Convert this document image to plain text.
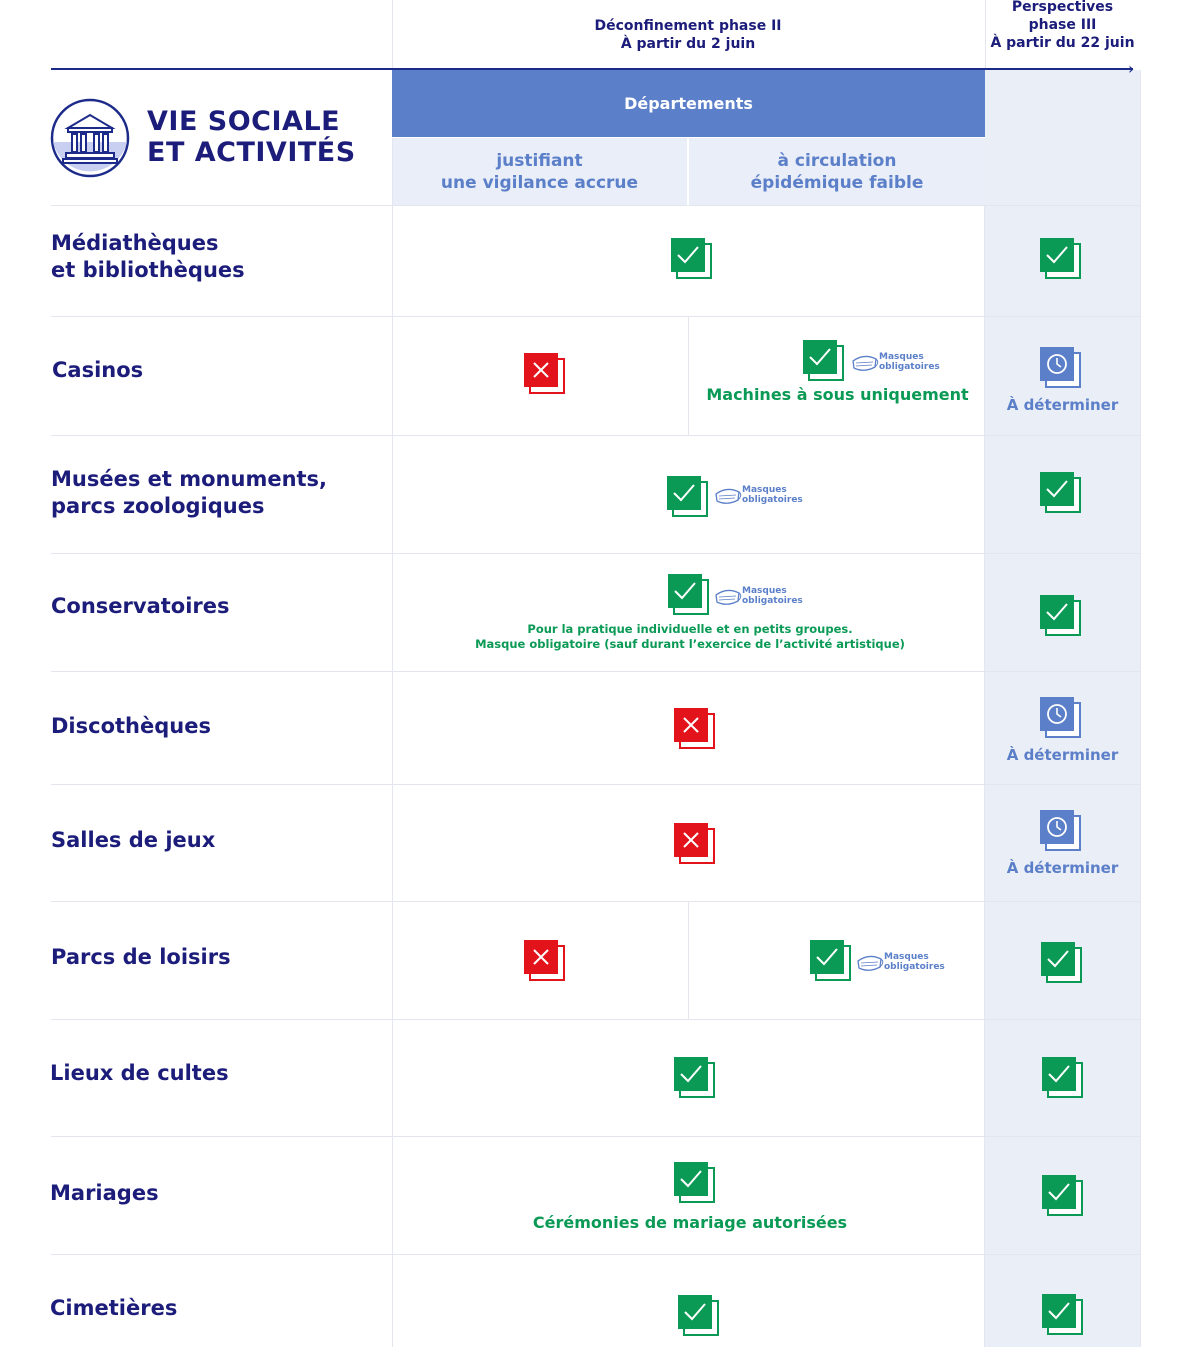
Déconfinement phase II
À partir du 2 juin
Perspectives
phase III
À partir du 22 juin
›
Départements
justifiant
une vigilance accrue
à circulation
épidémique faible
VIE SOCIALE
ET ACTIVITÉS
Médiathèques
et bibliothèques
Casinos
Musées et monuments,
parcs zoologiques
Conservatoires
Discothèques
Salles de jeux
Parcs de loisirs
Lieux de cultes
Mariages
Cimetières
Masques
obligatoires
Machines à sous uniquement
À déterminer
Masques
obligatoires
Masques
obligatoires
Pour la pratique individuelle et en petits groupes.
Masque obligatoire (sauf durant l’exercice de l’activité artistique)
À déterminer
À déterminer
Masques
obligatoires
Cérémonies de mariage autorisées
